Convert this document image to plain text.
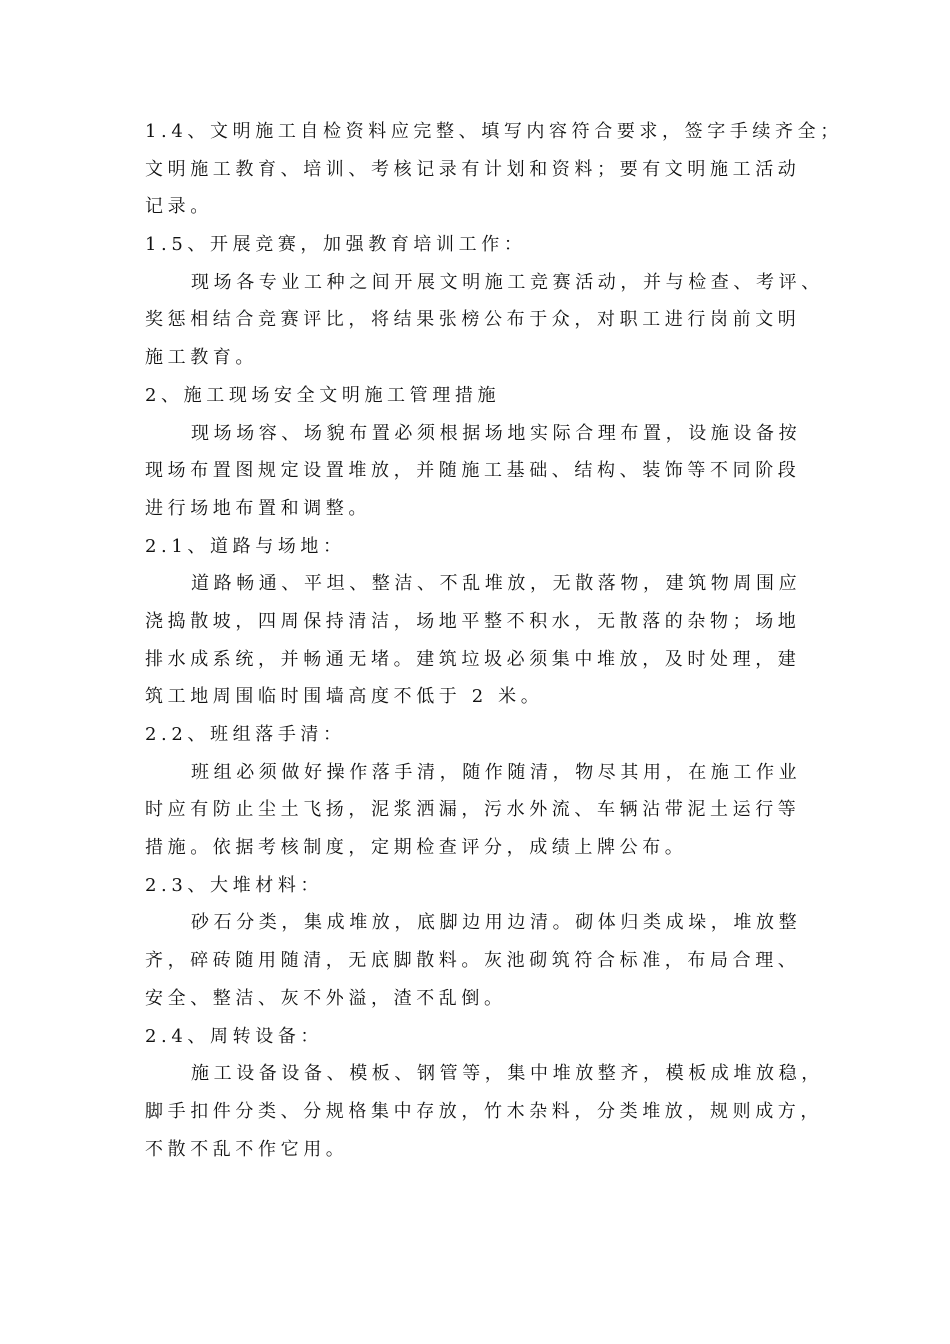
1.4、文明施工自检资料应完整、填写内容符合要求，签字手续齐全；
文明施工教育、培训、考核记录有计划和资料；要有文明施工活动
记录。
1.5、开展竞赛，加强教育培训工作：
现场各专业工种之间开展文明施工竞赛活动，并与检查、考评、
奖惩相结合竞赛评比，将结果张榜公布于众，对职工进行岗前文明
施工教育。
2、施工现场安全文明施工管理措施
现场场容、场貌布置必须根据场地实际合理布置，设施设备按
现场布置图规定设置堆放，并随施工基础、结构、装饰等不同阶段
进行场地布置和调整。
2.1、道路与场地：
道路畅通、平坦、整洁、不乱堆放，无散落物，建筑物周围应
浇捣散坡，四周保持清洁，场地平整不积水，无散落的杂物；场地
排水成系统，并畅通无堵。建筑垃圾必须集中堆放，及时处理，建
筑工地周围临时围墙高度不低于 2 米。
2.2、班组落手清：
班组必须做好操作落手清，随作随清，物尽其用，在施工作业
时应有防止尘土飞扬，泥浆洒漏，污水外流、车辆沾带泥土运行等
措施。依据考核制度，定期检查评分，成绩上牌公布。
2.3、大堆材料：
砂石分类，集成堆放，底脚边用边清。砌体归类成垛，堆放整
齐，碎砖随用随清，无底脚散料。灰池砌筑符合标准，布局合理、
安全、整洁、灰不外溢，渣不乱倒。
2.4、周转设备：
施工设备设备、模板、钢管等，集中堆放整齐，模板成堆放稳，
脚手扣件分类、分规格集中存放，竹木杂料，分类堆放，规则成方，
不散不乱不作它用。
